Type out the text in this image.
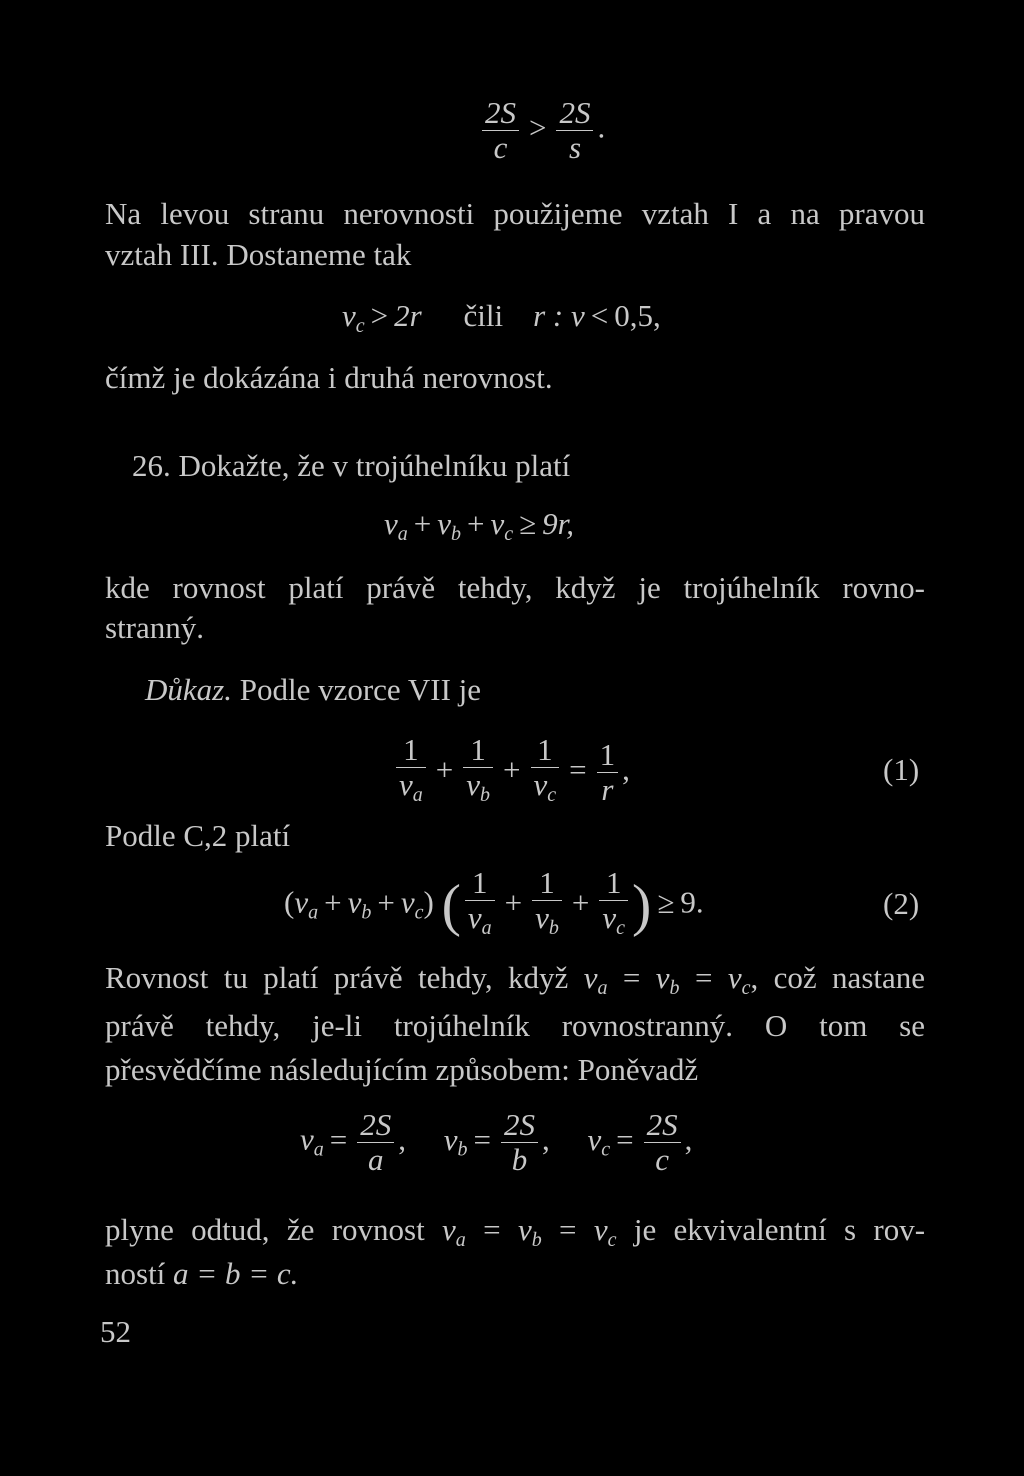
$\frac{2S}{c} > \frac{2S}{s}$ .
Na levou stranu nerovnosti použijeme vztah I a na pravou
vztah III. Dostaneme tak
$v_c > 2r$ čili r : v < 0,5,
čímž je dokázána i druhá nerovnost.
26. Dokažte, že v trojúhelníku platí
$v_a + v_b + v_c \ge 9r$,
kde rovnost platí právě tehdy, když je trojúhelník rovno-
stranný.
Důkaz. Podle vzorce VII je
$\frac{1}{v_a} + \frac{1}{v_b} + \frac{1}{v_c} = \frac{1}{r}$ ,	(1)
Podle C,2 platí
$(v_a + v_b + v_c)$ ( $\frac{1}{v_a} + \frac{1}{v_b} + \frac{1}{v_c}$ ) ≥ 9.	(2)
Rovnost tu platí právě tehdy, když $v_a = v_b = v_c$, což nastane
právě tehdy, je-li trojúhelník rovnostranný. O tom se
přesvědčíme následujícím způsobem: Poněvadž
$v_a = \frac{2S}{a}$ , $v_b = \frac{2S}{b}$ , $v_c = \frac{2S}{c}$ ,
plyne odtud, že rovnost $v_a = v_b = v_c$ je ekvivalentní s rov-
ností a = b = c.
52
